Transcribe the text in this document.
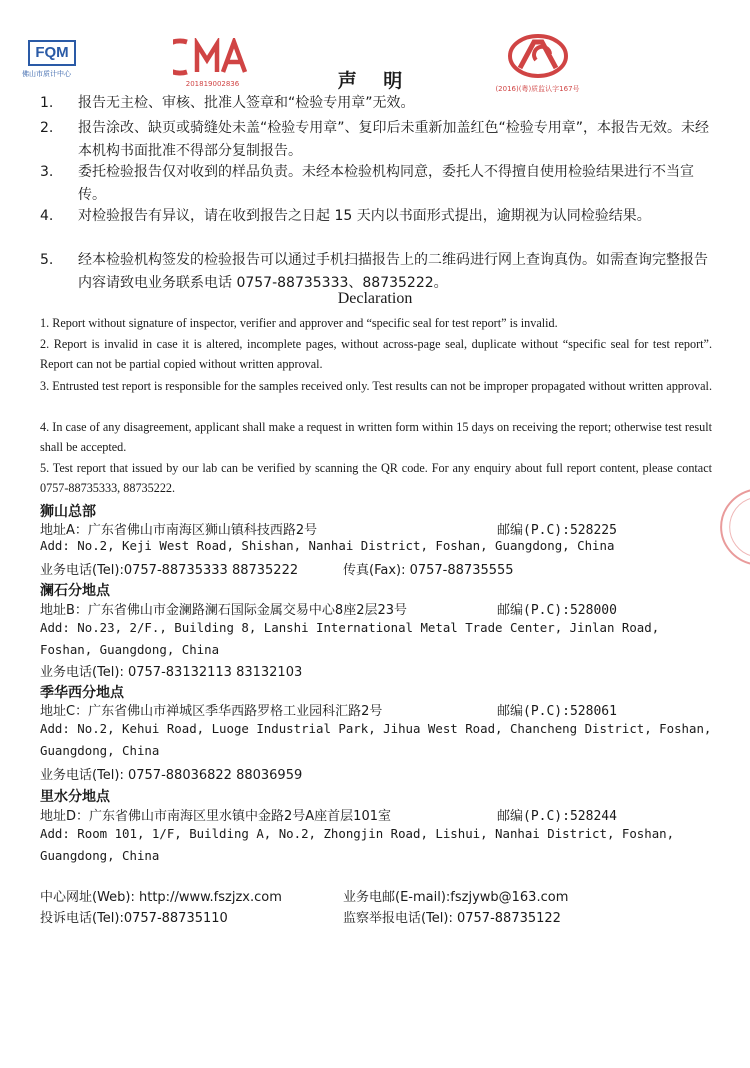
FQM
佛山市质计中心
201819002836
(2016)(粤)质监认字167号
声 明
1.	报告无主检、审核、批准人签章和“检验专用章”无效。
2.	报告涂改、缺页或骑缝处未盖“检验专用章”、复印后未重新加盖红色“检验专用章”，本报告无效。未经本机构书面批准不得部分复制报告。
3.	委托检验报告仅对收到的样品负责。未经本检验机构同意，委托人不得擅自使用检验结果进行不当宣传。
4.	对检验报告有异议，请在收到报告之日起 15 天内以书面形式提出，逾期视为认同检验结果。
5.	经本检验机构签发的检验报告可以通过手机扫描报告上的二维码进行网上查询真伪。如需查询完整报告内容请致电业务联系电话 0757-88735333、88735222。
Declaration
1. Report without signature of inspector, verifier and approver and “specific seal for test report” is invalid.
2. Report is invalid in case it is altered, incomplete pages, without across-page seal, duplicate without “specific seal for test report”. Report can not be partial copied without written approval.
3. Entrusted test report is responsible for the samples received only. Test results can not be improper propagated without written approval.
4. In case of any disagreement, applicant shall make a request in written form within 15 days on receiving the report; otherwise test result shall be accepted.
5. Test report that issued by our lab can be verified by scanning the QR code. For any enquiry about full report content, please contact 0757-88735333, 88735222.
狮山总部
地址A：广东省佛山市南海区狮山镇科技西路2号	邮编(P.C):528225
Add: No.2, Keji West Road, Shishan, Nanhai District, Foshan, Guangdong, China
业务电话(Tel):0757-88735333 88735222	传真(Fax): 0757-88735555
澜石分地点
地址B：广东省佛山市金澜路澜石国际金属交易中心8座2层23号	邮编(P.C):528000
Add: No.23, 2/F., Building 8, Lanshi International Metal Trade Center, Jinlan Road, Foshan, Guangdong, China
业务电话(Tel): 0757-83132113 83132103
季华西分地点
地址C：广东省佛山市禅城区季华西路罗格工业园科汇路2号	邮编(P.C):528061
Add: No.2, Kehui Road, Luoge Industrial Park, Jihua West Road, Chancheng District, Foshan, Guangdong, China
业务电话(Tel): 0757-88036822 88036959
里水分地点
地址D：广东省佛山市南海区里水镇中金路2号A座首层101室	邮编(P.C):528244
Add: Room 101, 1/F, Building A, No.2, Zhongjin Road, Lishui, Nanhai District, Foshan, Guangdong, China
中心网址(Web): http://www.fszjzx.com	业务电邮(E-mail):fszjywb@163.com
投诉电话(Tel):0757-88735110	监察举报电话(Tel): 0757-88735122
